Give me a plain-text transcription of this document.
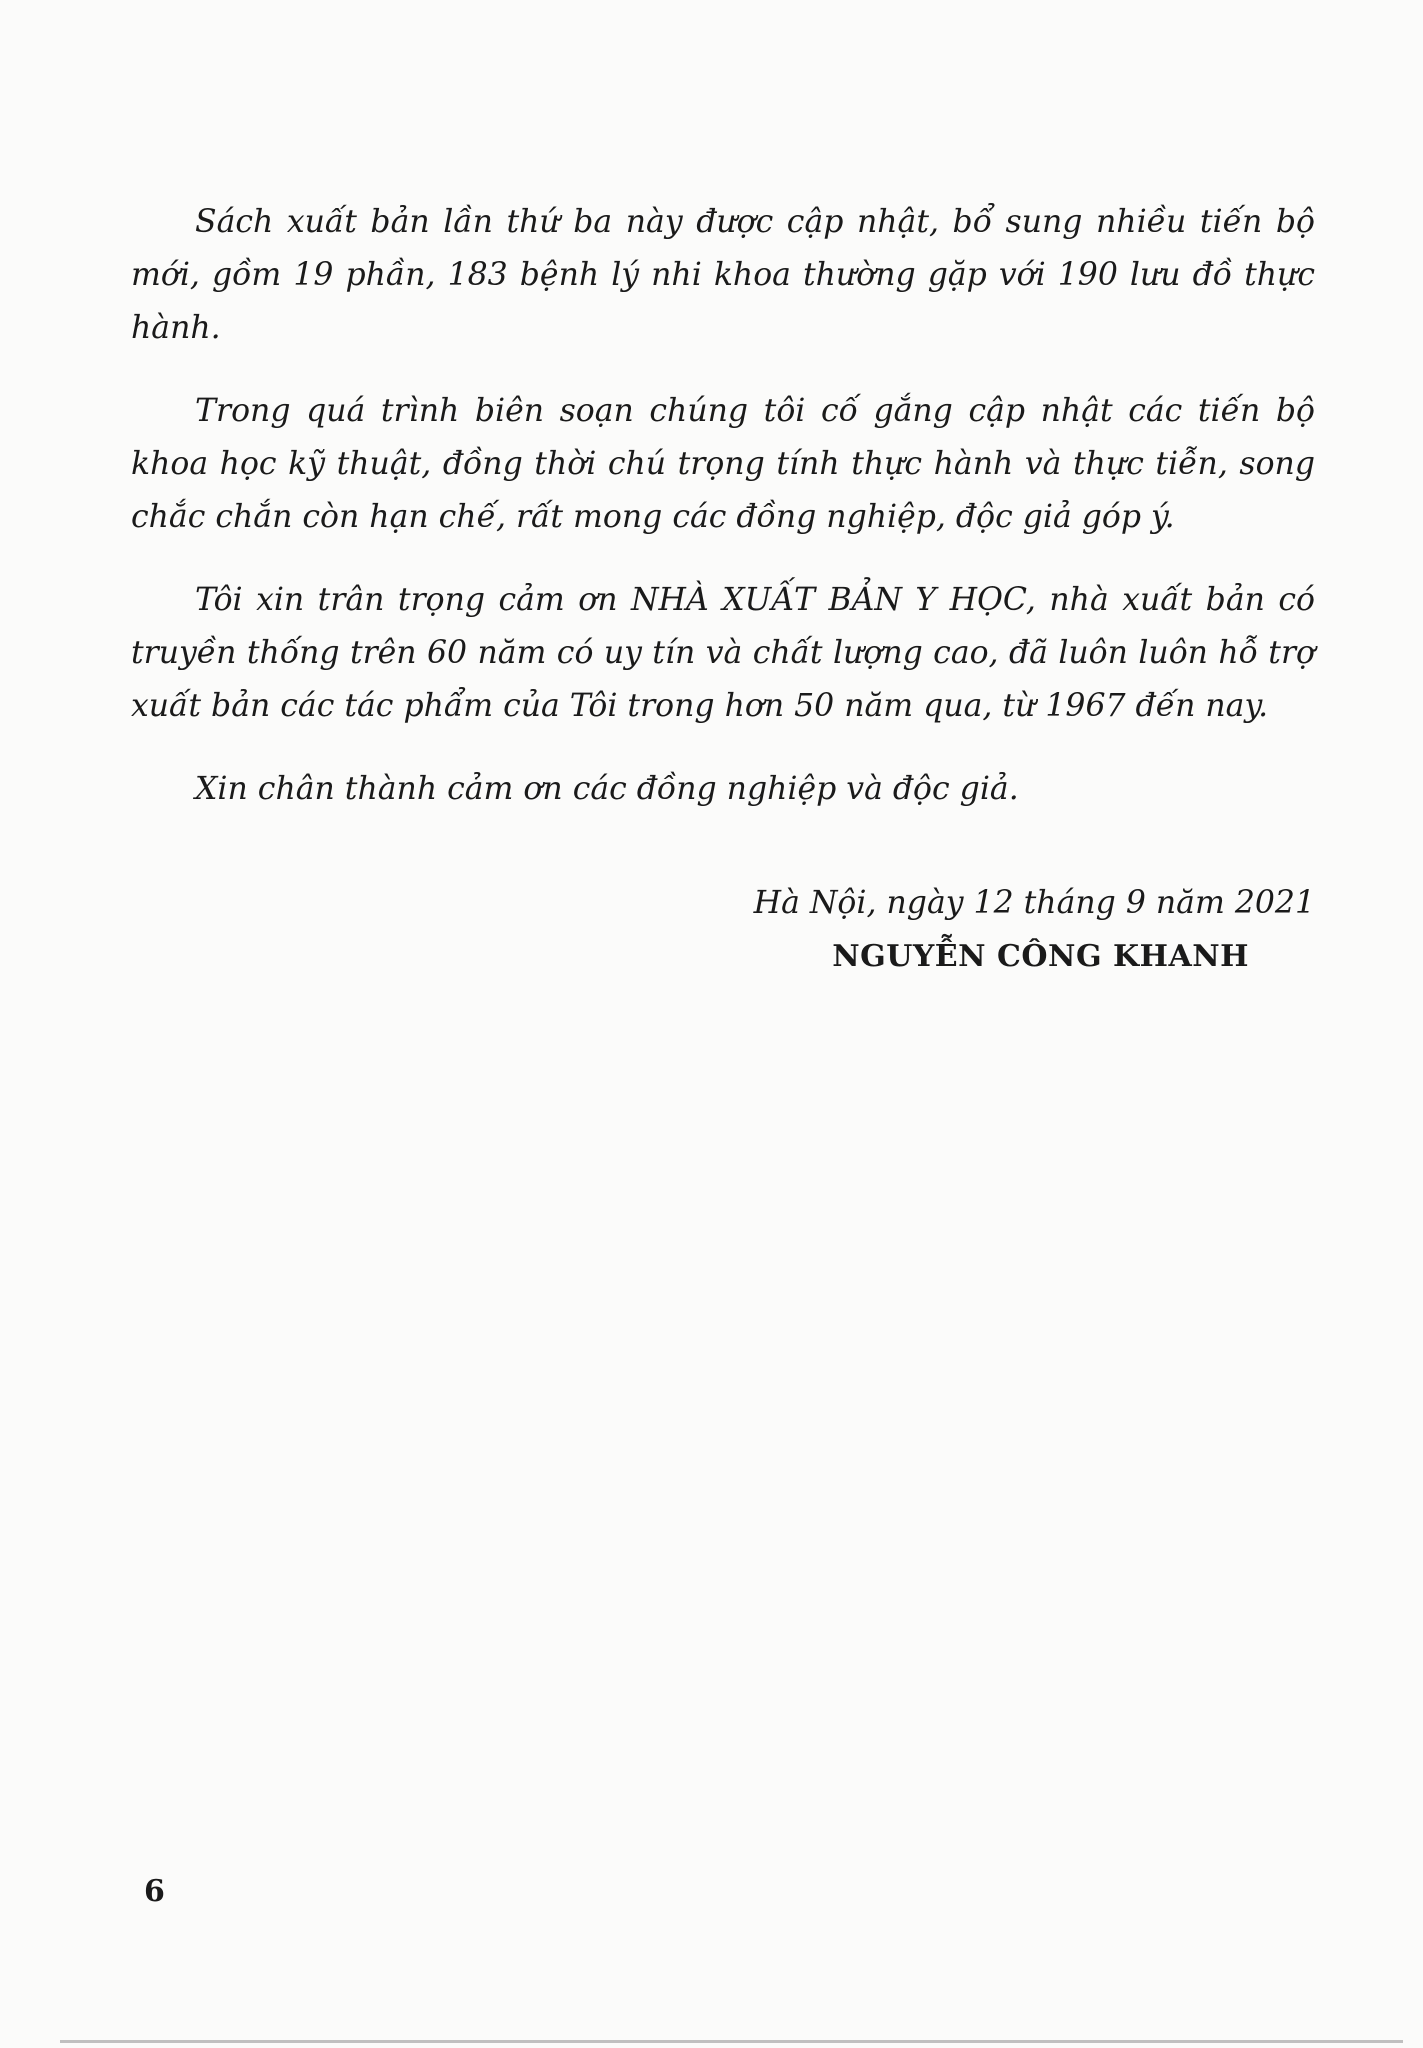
Sách xuất bản lần thứ ba này được cập nhật, bổ sung nhiều tiến bộ mới, gồm 19 phần, 183 bệnh lý nhi khoa thường gặp với 190 lưu đồ thực hành.

Trong quá trình biên soạn chúng tôi cố gắng cập nhật các tiến bộ khoa học kỹ thuật, đồng thời chú trọng tính thực hành và thực tiễn, song chắc chắn còn hạn chế, rất mong các đồng nghiệp, độc giả góp ý.

Tôi xin trân trọng cảm ơn NHÀ XUẤT BẢN Y HỌC, nhà xuất bản có truyền thống trên 60 năm có uy tín và chất lượng cao, đã luôn luôn hỗ trợ xuất bản các tác phẩm của Tôi trong hơn 50 năm qua, từ 1967 đến nay.

Xin chân thành cảm ơn các đồng nghiệp và độc giả.

Hà Nội, ngày 12 tháng 9 năm 2021
NGUYỄN CÔNG KHANH
6
